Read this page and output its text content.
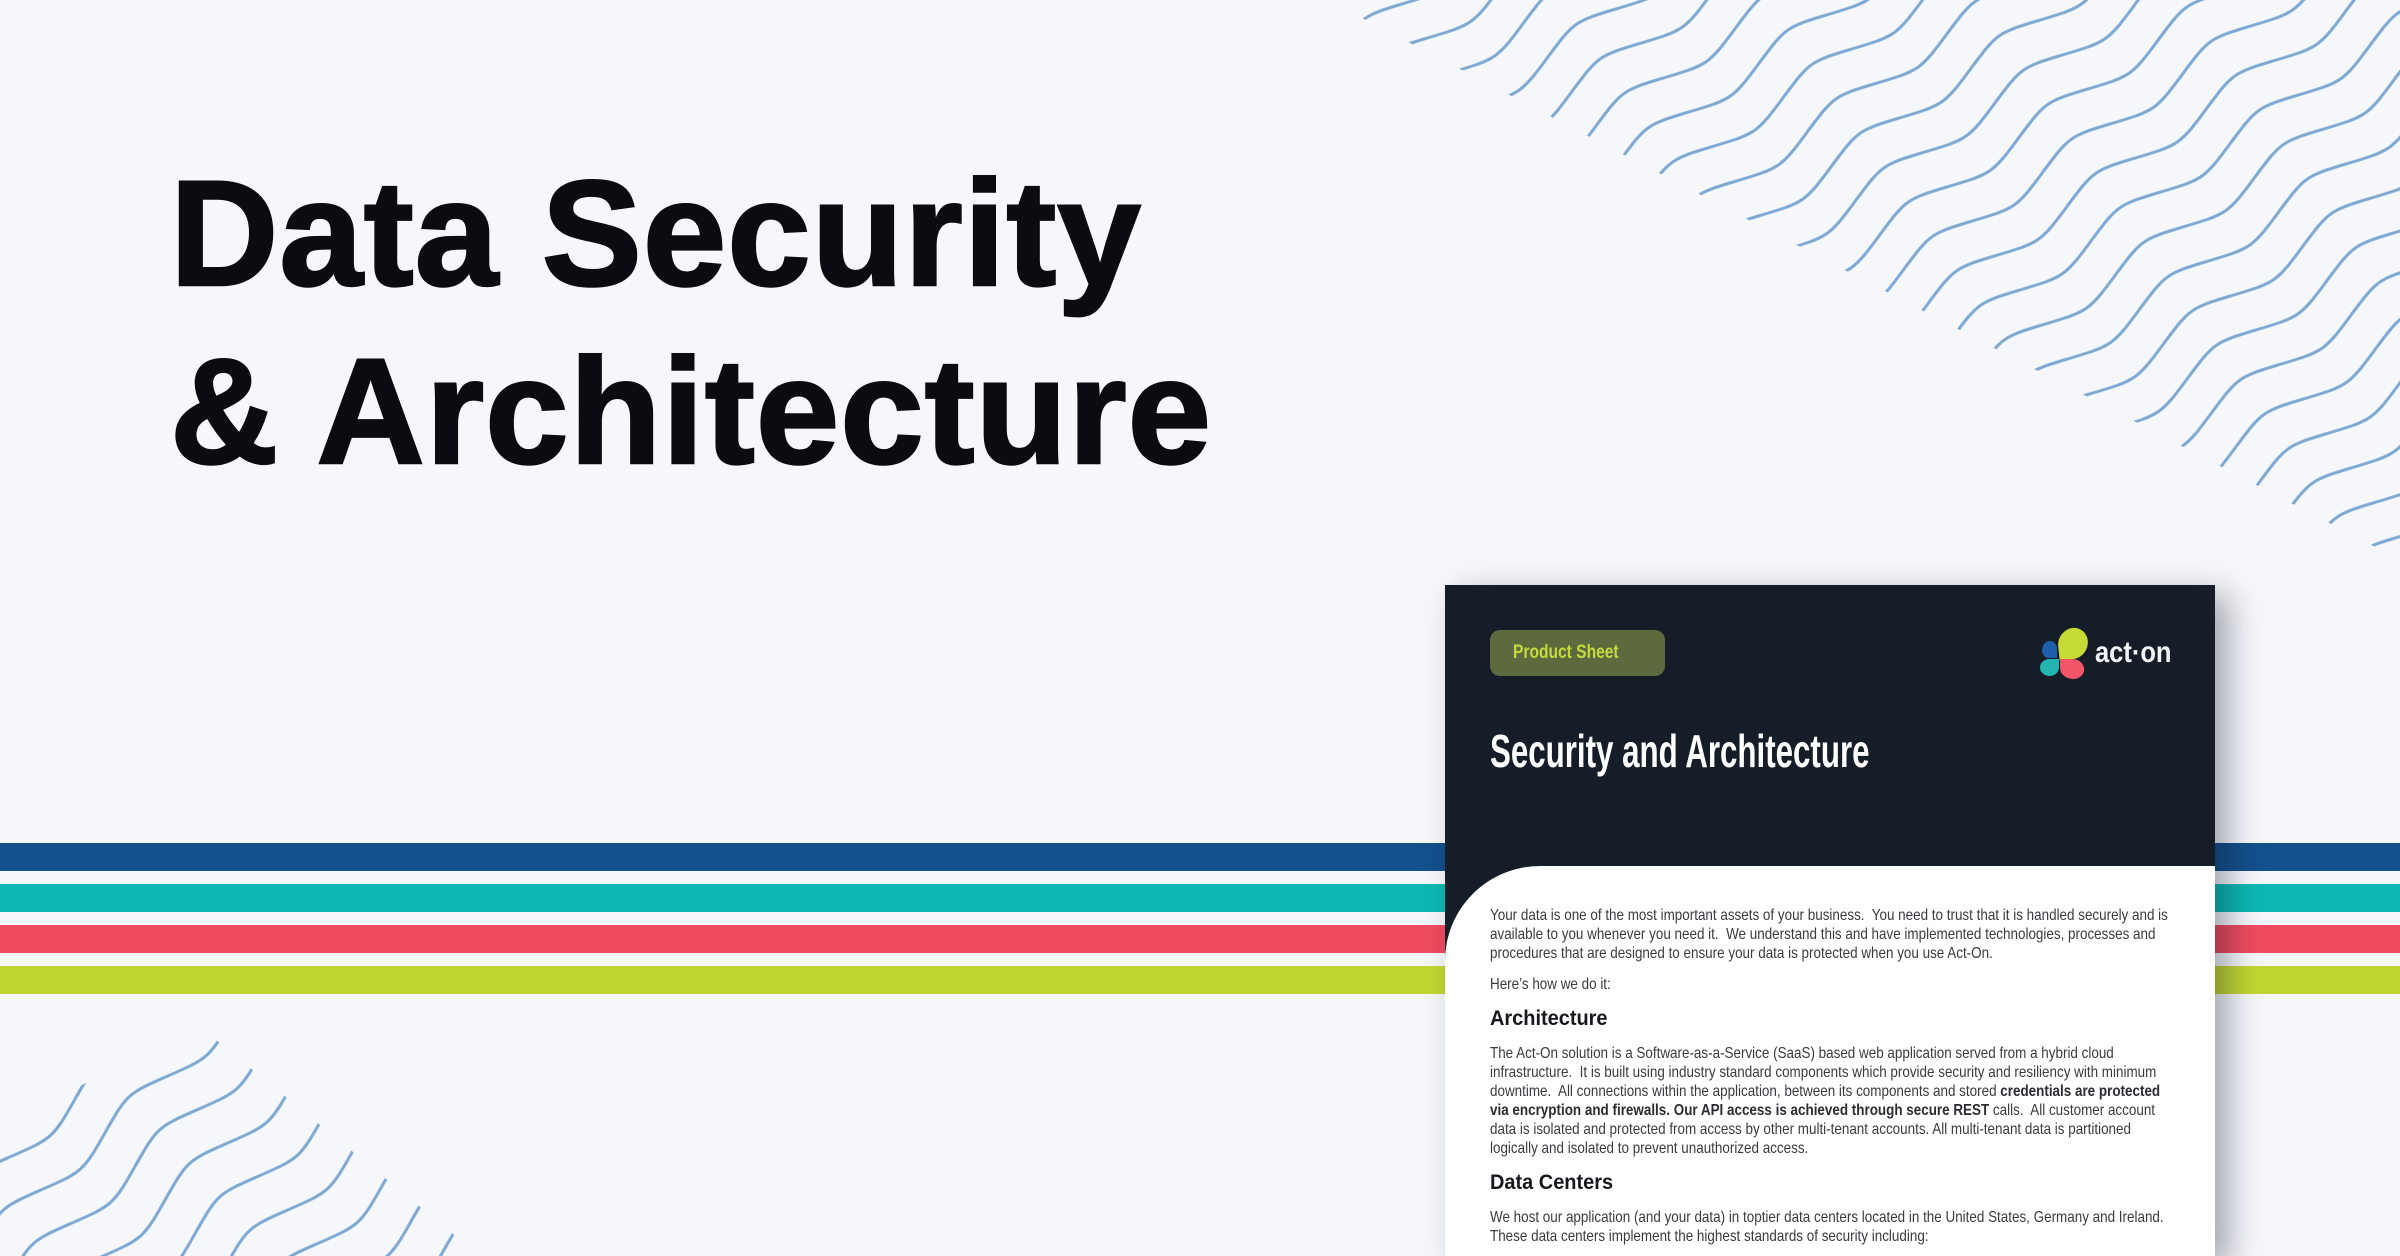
Data Security
& Architecture
Product Sheet	act·on
Security and Architecture

Your data is one of the most important assets of your business.  You need to trust that it is handled securely and is available to you whenever you need it.  We understand this and have implemented technologies, processes and procedures that are designed to ensure your data is protected when you use Act-On.

Here’s how we do it:

Architecture

The Act-On solution is a Software-as-a-Service (SaaS) based web application served from a hybrid cloud infrastructure.  It is built using industry standard components which provide security and resiliency with minimum downtime.  All connections within the application, between its components and stored credentials are protected via encryption and firewalls. Our API access is achieved through secure REST calls.  All customer account data is isolated and protected from access by other multi-tenant accounts. All multi-tenant data is partitioned logically and isolated to prevent unauthorized access.

Data Centers

We host our application (and your data) in toptier data centers located in the United States, Germany and Ireland.  These data centers implement the highest standards of security including:
